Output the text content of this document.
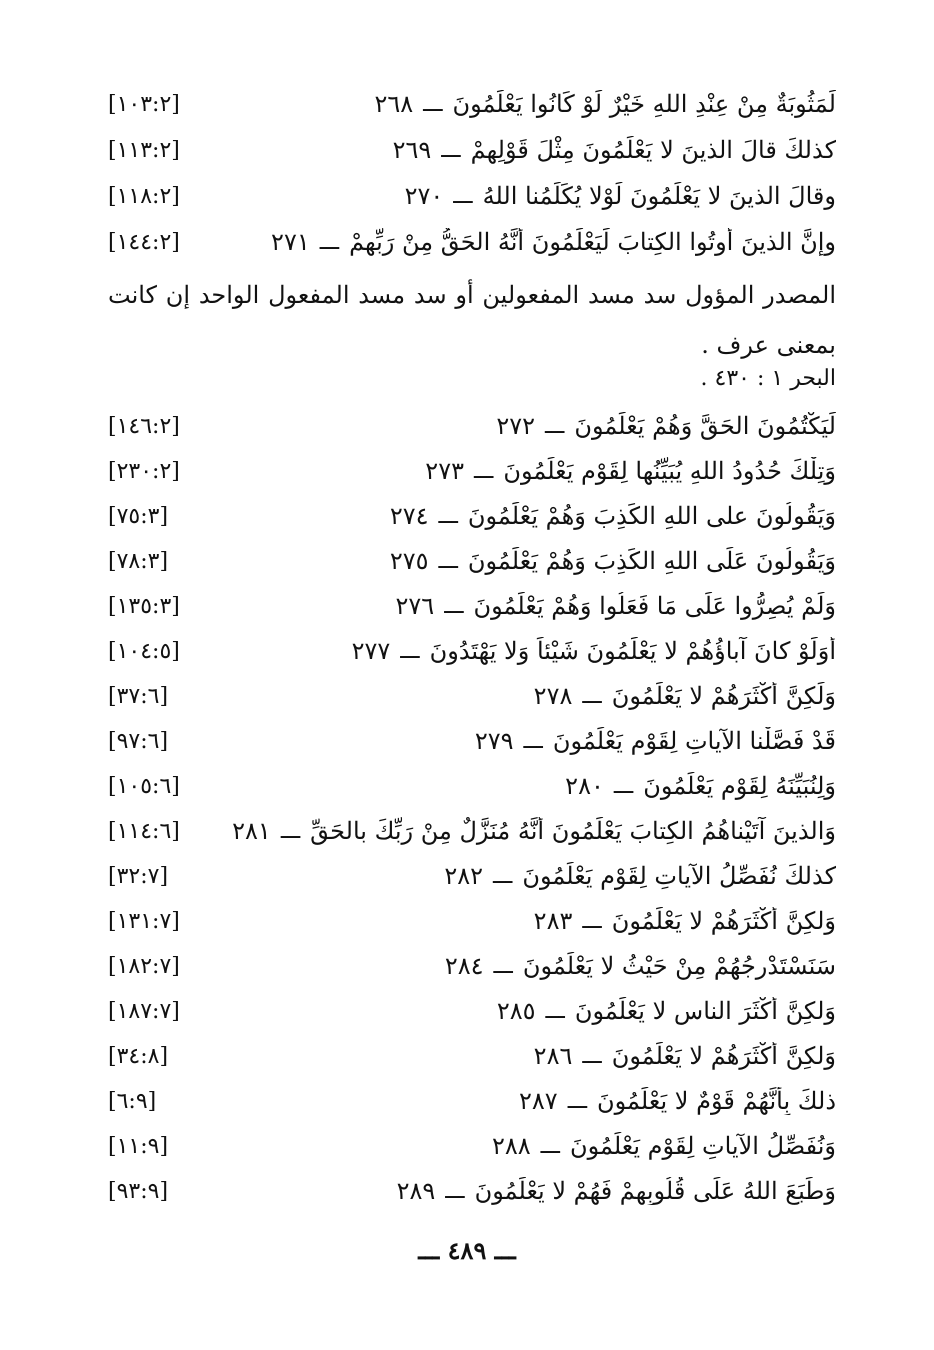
[١٠٣:٢]	٢٦٨ ـــ لَمَثُوبَةٌ مِنْ عِنْدِ اللهِ خَيْرٌ لَوْ كَانُوا يَعْلَمُونَ
[١١٣:٢]	٢٦٩ ـــ كذلكَ قالَ الذينَ لا يَعْلَمُونَ مِثْلَ قَوْلِهِمْ
[١١٨:٢]	٢٧٠ ـــ وقالَ الذينَ لا يَعْلَمُونَ لَوْلا يُكَلِّمُنا اللهُ
[١٤٤:٢]	٢٧١ ـــ وإنَّ الذينَ أُوتُوا الكِتابَ لَيَعْلَمُونَ أَنَّهُ الحَقُّ مِنْ رَبِّهِمْ
المصدر المؤول سد مسد المفعولين أو سد مسد المفعول الواحد إن كانت بمعنى عرف .
البحر ١ : ٤٣٠ .
[١٤٦:٢]	٢٧٢ ـــ لَيَكْتُمُونَ الحَقَّ وَهُمْ يَعْلَمُونَ
[٢٣٠:٢]	٢٧٣ ـــ وَتِلْكَ حُدُودُ اللهِ يُبَيِّنُها لِقَوْمٍ يَعْلَمُونَ
[٧٥:٣]	٢٧٤ ـــ وَيَقُولُونَ على اللهِ الكَذِبَ وَهُمْ يَعْلَمُونَ
[٧٨:٣]	٢٧٥ ـــ وَيَقُولُونَ عَلَى اللهِ الكَذِبَ وَهُمْ يَعْلَمُونَ
[١٣٥:٣]	٢٧٦ ـــ وَلَمْ يُصِرُّوا عَلَى مَا فَعَلُوا وَهُمْ يَعْلَمُونَ
[١٠٤:٥]	٢٧٧ ـــ أَوَلَوْ كانَ آباؤُهُمْ لا يَعْلَمُونَ شَيْئاً وَلا يَهْتَدُونَ
[٣٧:٦]	٢٧٨ ـــ وَلَكِنَّ أَكْثَرَهُمْ لا يَعْلَمُونَ
[٩٧:٦]	٢٧٩ ـــ قَدْ فَصَّلْنا الآياتِ لِقَوْمٍ يَعْلَمُونَ
[١٠٥:٦]	٢٨٠ ـــ وَلِنُبَيِّنَهُ لِقَوْمٍ يَعْلَمُونَ
[١١٤:٦] ٢٨١ ـــ وَالذينَ آتَيْناهُمُ الكِتابَ يَعْلَمُونَ أَنَّهُ مُنَزَّلٌ مِنْ رَبِّكَ بالحَقِّ
[٣٢:٧]	٢٨٢ ـــ كذلكَ نُفَصِّلُ الآياتِ لِقَوْمٍ يَعْلَمُونَ
[١٣١:٧]	٢٨٣ ـــ وَلكِنَّ أَكْثَرَهُمْ لا يَعْلَمُونَ
[١٨٢:٧]	٢٨٤ ـــ سَنَسْتَدْرِجُهُمْ مِنْ حَيْثُ لا يَعْلَمُونَ
[١٨٧:٧]	٢٨٥ ـــ وَلكِنَّ أَكْثَرَ الناسِ لا يَعْلَمُونَ
[٣٤:٨]	٢٨٦ ـــ وَلكِنَّ أَكْثَرَهُمْ لا يَعْلَمُونَ
[٦:٩]	٢٨٧ ـــ ذلكَ بِأَنَّهُمْ قَوْمٌ لا يَعْلَمُونَ
[١١:٩]	٢٨٨ ـــ وَنُفَصِّلُ الآياتِ لِقَوْمٍ يَعْلَمُونَ
[٩٣:٩]	٢٨٩ ـــ وَطَبَعَ اللهُ عَلَى قُلُوبِهِمْ فَهُمْ لا يَعْلَمُونَ
ـــ ٤٨٩ ـــ
